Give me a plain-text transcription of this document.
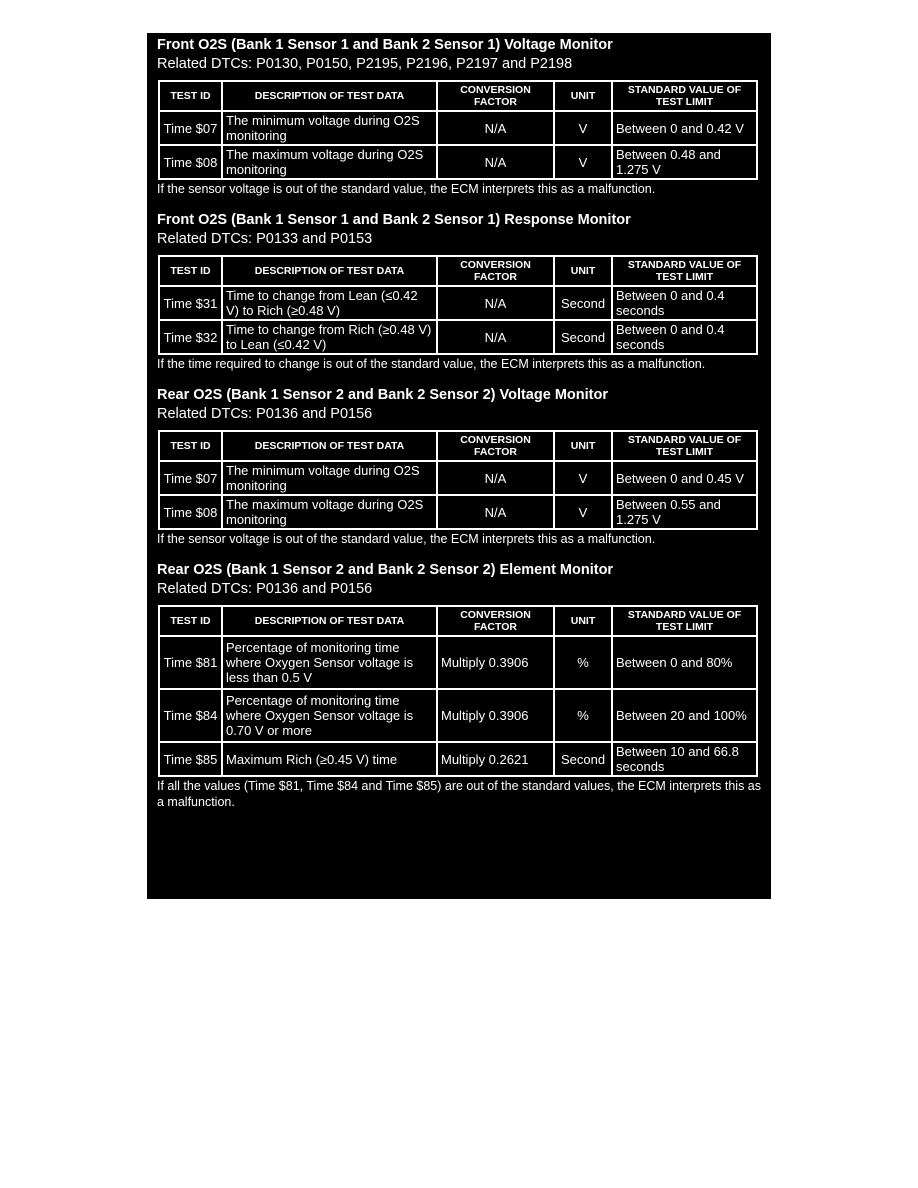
Front O2S (Bank 1 Sensor 1 and Bank 2 Sensor 1) Voltage Monitor
Related DTCs: P0130, P0150, P2195, P2196, P2197 and P2198
TEST ID	DESCRIPTION OF TEST DATA	CONVERSION FACTOR	UNIT	STANDARD VALUE OF TEST LIMIT
Time $07	The minimum voltage during O2S monitoring	N/A	V	Between 0 and 0.42 V
Time $08	The maximum voltage during O2S monitoring	N/A	V	Between 0.48 and 1.275 V
If the sensor voltage is out of the standard value, the ECM interprets this as a malfunction.
Front O2S (Bank 1 Sensor 1 and Bank 2 Sensor 1) Response Monitor
Related DTCs: P0133 and P0153
TEST ID	DESCRIPTION OF TEST DATA	CONVERSION FACTOR	UNIT	STANDARD VALUE OF TEST LIMIT
Time $31	Time to change from Lean (≤0.42 V) to Rich (≥0.48 V)	N/A	Second	Between 0 and 0.4 seconds
Time $32	Time to change from Rich (≥0.48 V) to Lean (≤0.42 V)	N/A	Second	Between 0 and 0.4 seconds
If the time required to change is out of the standard value, the ECM interprets this as a malfunction.
Rear O2S (Bank 1 Sensor 2 and Bank 2 Sensor 2) Voltage Monitor
Related DTCs: P0136 and P0156
TEST ID	DESCRIPTION OF TEST DATA	CONVERSION FACTOR	UNIT	STANDARD VALUE OF TEST LIMIT
Time $07	The minimum voltage during O2S monitoring	N/A	V	Between 0 and 0.45 V
Time $08	The maximum voltage during O2S monitoring	N/A	V	Between 0.55 and 1.275 V
If the sensor voltage is out of the standard value, the ECM interprets this as a malfunction.
Rear O2S (Bank 1 Sensor 2 and Bank 2 Sensor 2) Element Monitor
Related DTCs: P0136 and P0156
TEST ID	DESCRIPTION OF TEST DATA	CONVERSION FACTOR	UNIT	STANDARD VALUE OF TEST LIMIT
Time $81	Percentage of monitoring time where Oxygen Sensor voltage is less than 0.5 V	Multiply 0.3906	%	Between 0 and 80%
Time $84	Percentage of monitoring time where Oxygen Sensor voltage is 0.70 V or more	Multiply 0.3906	%	Between 20 and 100%
Time $85	Maximum Rich (≥0.45 V) time	Multiply 0.2621	Second	Between 10 and 66.8 seconds
If all the values (Time $81, Time $84 and Time $85) are out of the standard values, the ECM interprets this as a malfunction.
